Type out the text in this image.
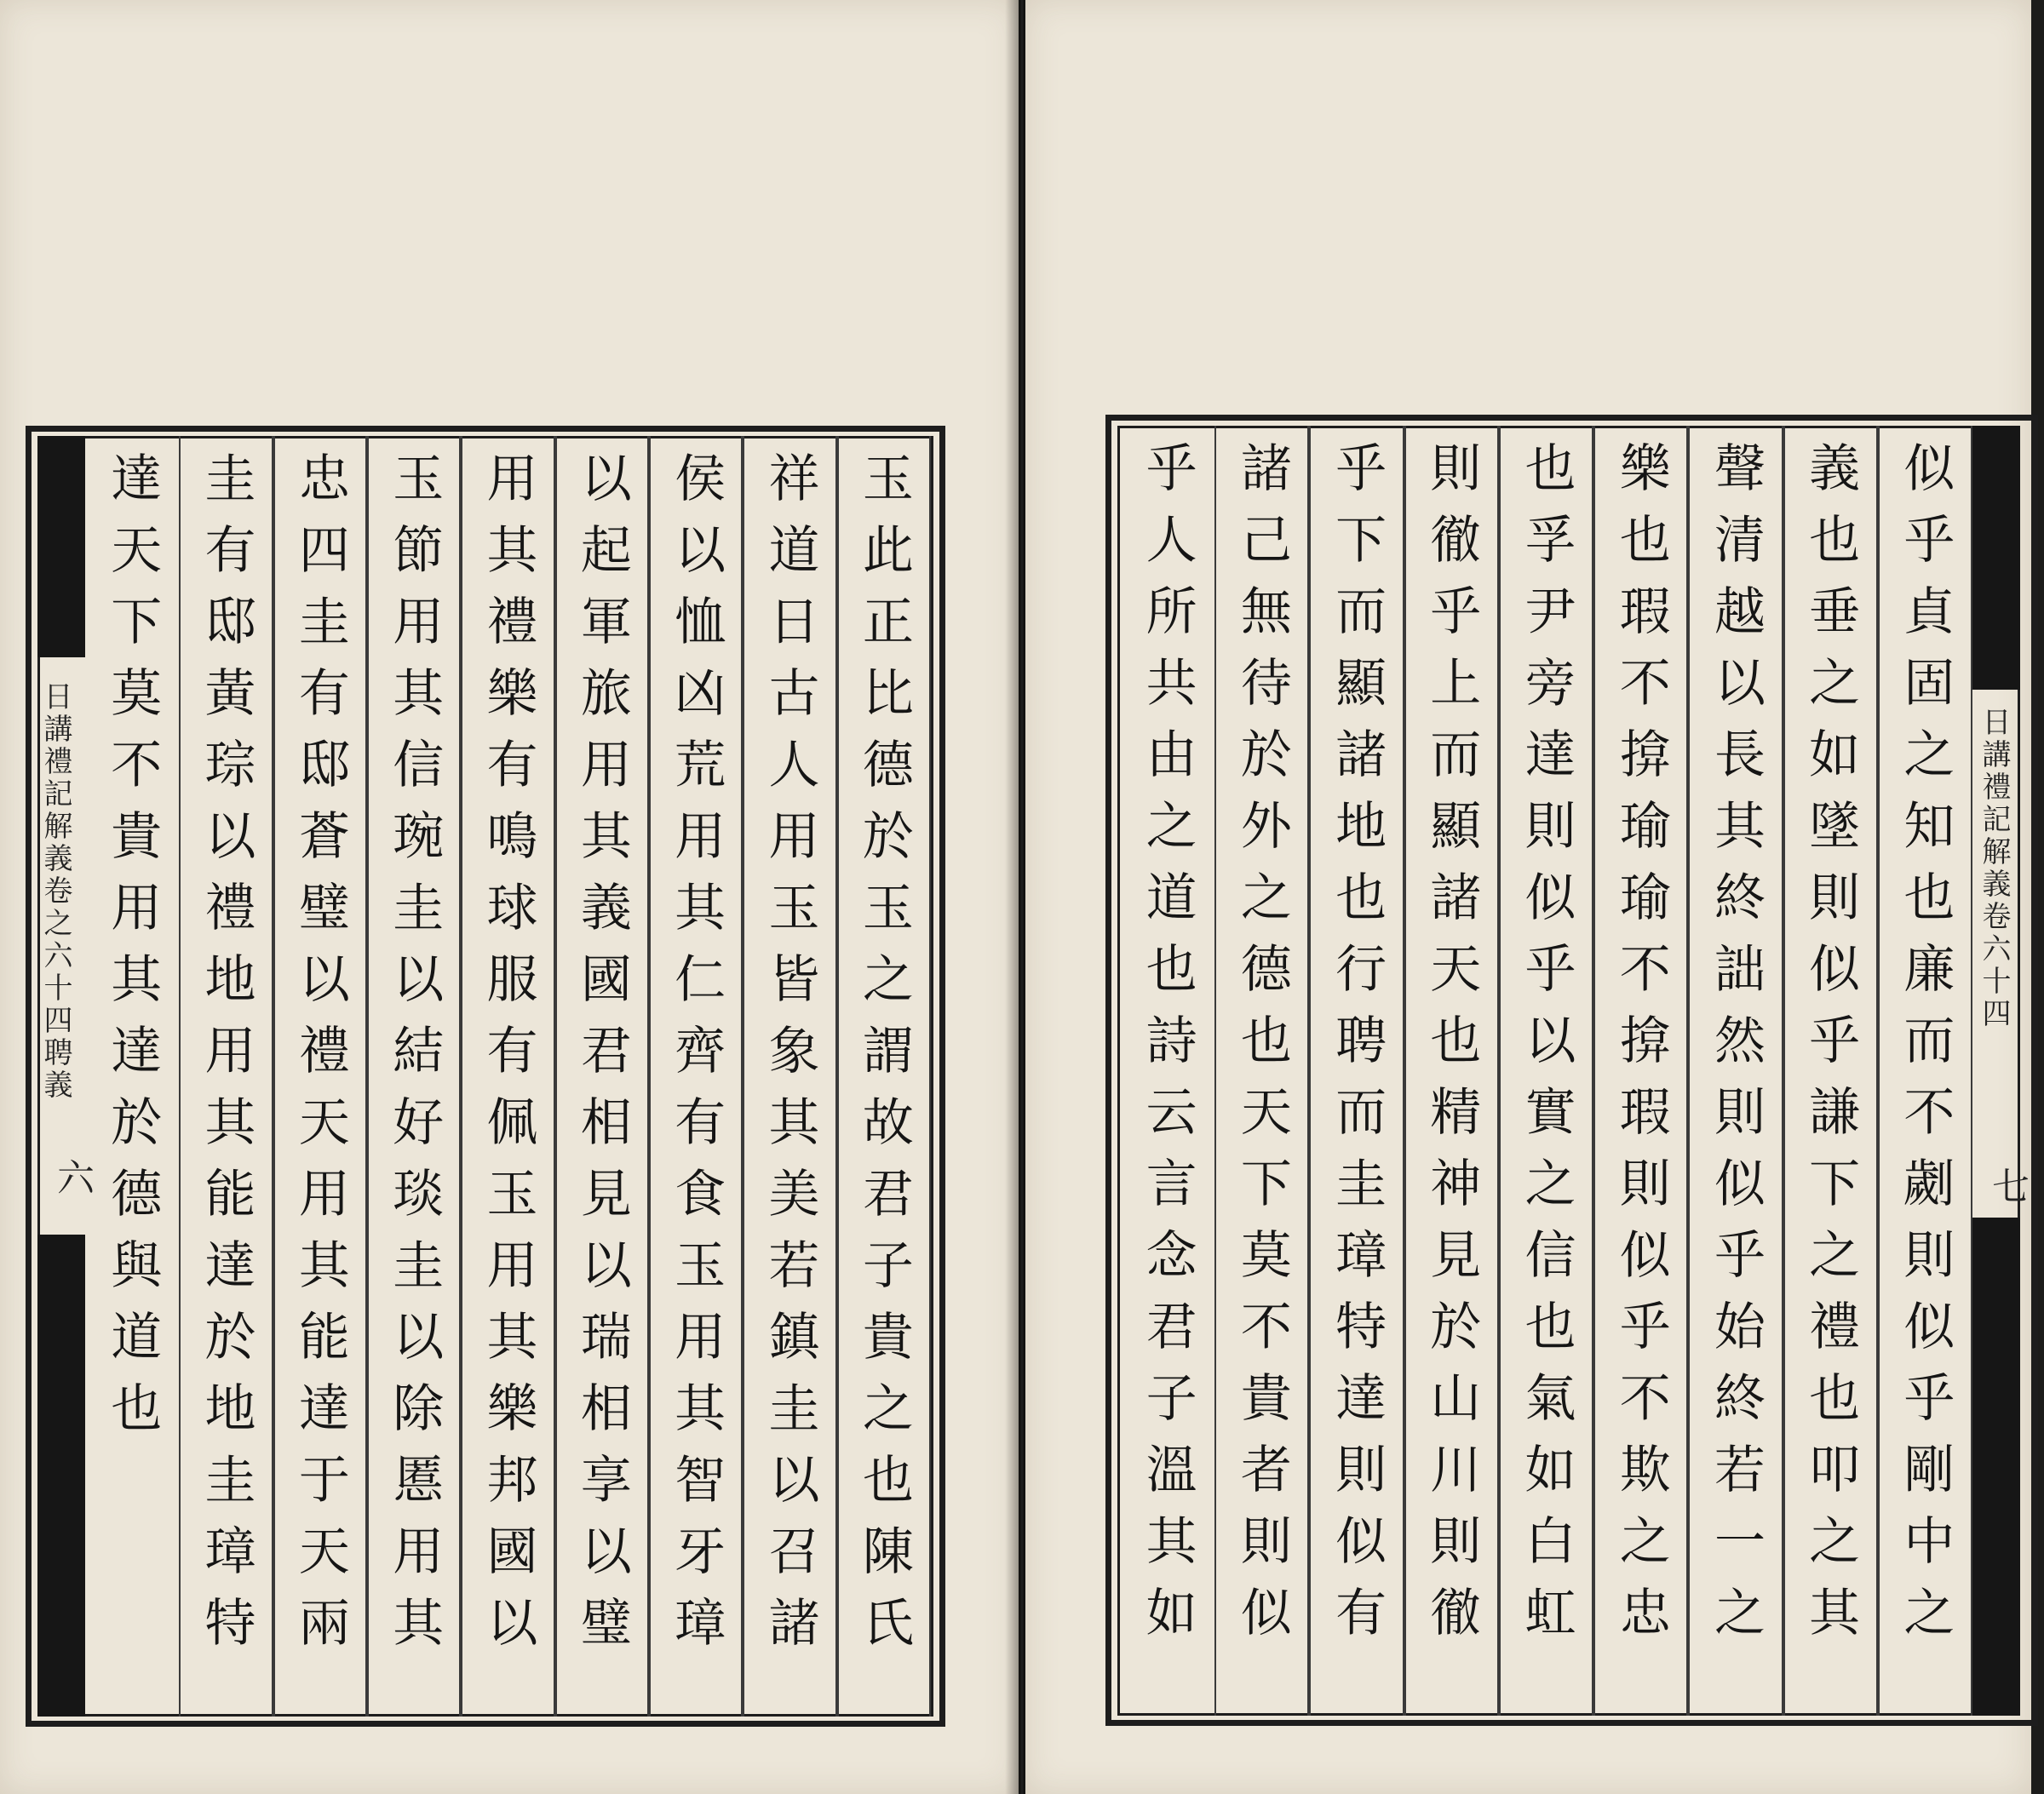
日講禮記解義卷之六十四聘義
六	玉此正比德於玉之謂故君子貴之也陳氏
祥道日古人用玉皆象其美若鎮圭以召諸
侯以恤凶荒用其仁齊有食玉用其智牙璋
以起軍旅用其義國君相見以瑞相享以璧
用其禮樂有鳴球服有佩玉用其樂邦國以
玉節用其信琬圭以結好琰圭以除慝用其
忠四圭有邸蒼璧以禮天用其能達于天兩
圭有邸黃琮以禮地用其能達於地圭璋特
達天下莫不貴用其達於德與道也	日講禮記解義卷六十四
七
似乎貞固之知也廉而不劌則似乎剛中之
義也垂之如墜則似乎謙下之禮也叩之其
聲清越以長其終詘然則似乎始終若一之
樂也瑕不揜瑜瑜不揜瑕則似乎不欺之忠
也孚尹旁達則似乎以實之信也氣如白虹
則徹乎上而顯諸天也精神見於山川則徹
乎下而顯諸地也行聘而圭璋特達則似有
諸己無待於外之德也天下莫不貴者則似
乎人所共由之道也詩云言念君子溫其如
